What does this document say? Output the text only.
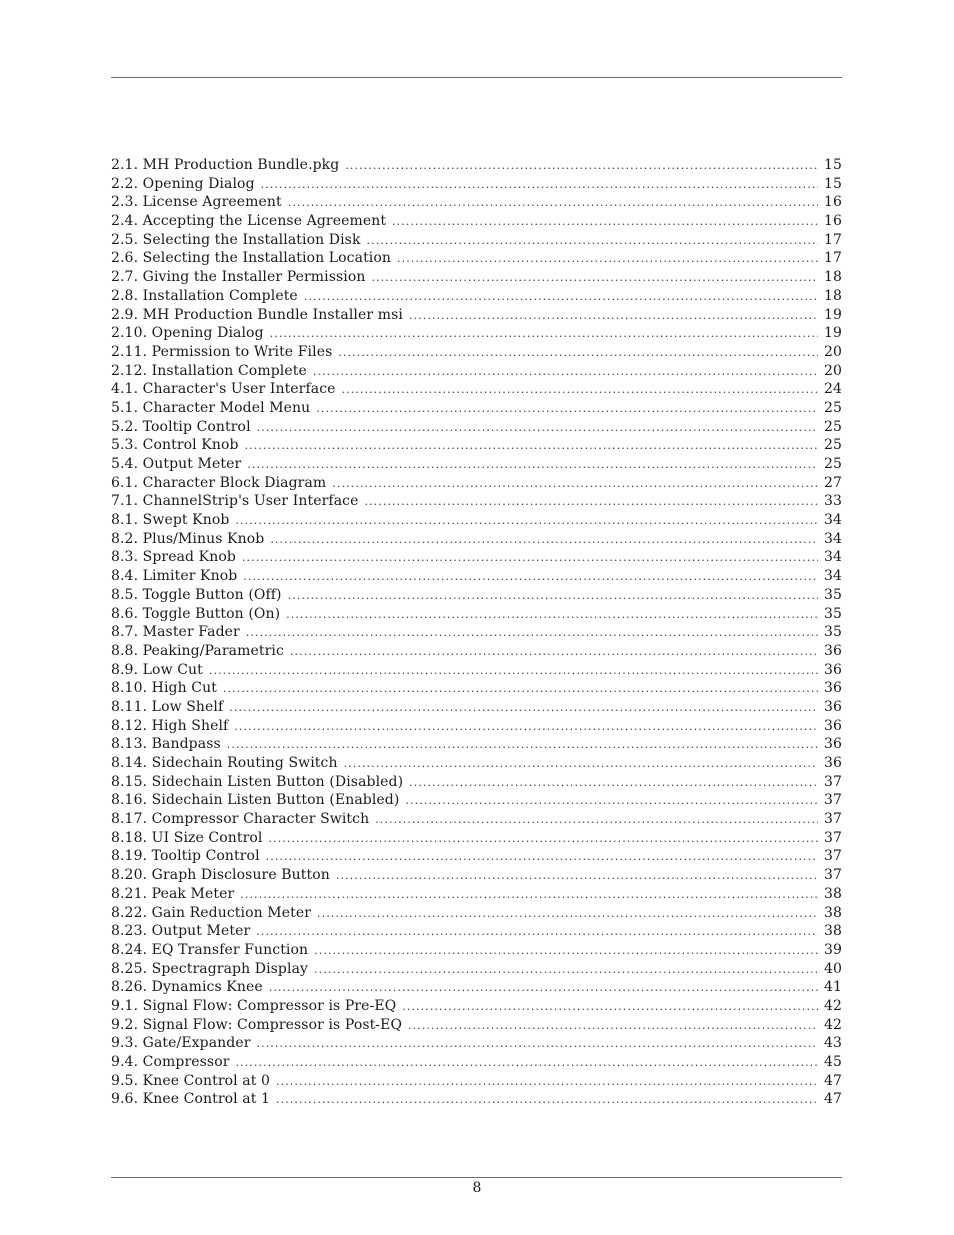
2.1. MH Production Bundle.pkg . . .	15
2.2. Opening Dialog . . .	15
2.3. License Agreement . . .	16
2.4. Accepting the License Agreement . . .	16
2.5. Selecting the Installation Disk . . .	17
2.6. Selecting the Installation Location . . .	17
2.7. Giving the Installer Permission . . .	18
2.8. Installation Complete . . .	18
2.9. MH Production Bundle Installer msi . . .	19
2.10. Opening Dialog . . .	19
2.11. Permission to Write Files . . .	20
2.12. Installation Complete . . .	20
4.1. Character's User Interface . . .	24
5.1. Character Model Menu . . .	25
5.2. Tooltip Control . . .	25
5.3. Control Knob . . .	25
5.4. Output Meter . . .	25
6.1. Character Block Diagram . . .	27
7.1. ChannelStrip's User Interface . . .	33
8.1. Swept Knob . . .	34
8.2. Plus/Minus Knob . . .	34
8.3. Spread Knob . . .	34
8.4. Limiter Knob . . .	34
8.5. Toggle Button (Off) . . .	35
8.6. Toggle Button (On) . . .	35
8.7. Master Fader . . .	35
8.8. Peaking/Parametric . . .	36
8.9. Low Cut . . .	36
8.10. High Cut . . .	36
8.11. Low Shelf . . .	36
8.12. High Shelf . . .	36
8.13. Bandpass . . .	36
8.14. Sidechain Routing Switch . . .	36
8.15. Sidechain Listen Button (Disabled) . . .	37
8.16. Sidechain Listen Button (Enabled) . . .	37
8.17. Compressor Character Switch . . .	37
8.18. UI Size Control . . .	37
8.19. Tooltip Control . . .	37
8.20. Graph Disclosure Button . . .	37
8.21. Peak Meter . . .	38
8.22. Gain Reduction Meter . . .	38
8.23. Output Meter . . .	38
8.24. EQ Transfer Function . . .	39
8.25. Spectragraph Display . . .	40
8.26. Dynamics Knee . . .	41
9.1. Signal Flow: Compressor is Pre-EQ . . .	42
9.2. Signal Flow: Compressor is Post-EQ . . .	42
9.3. Gate/Expander . . .	43
9.4. Compressor . . .	45
9.5. Knee Control at 0 . . .	47
9.6. Knee Control at 1 . . .	47
8
